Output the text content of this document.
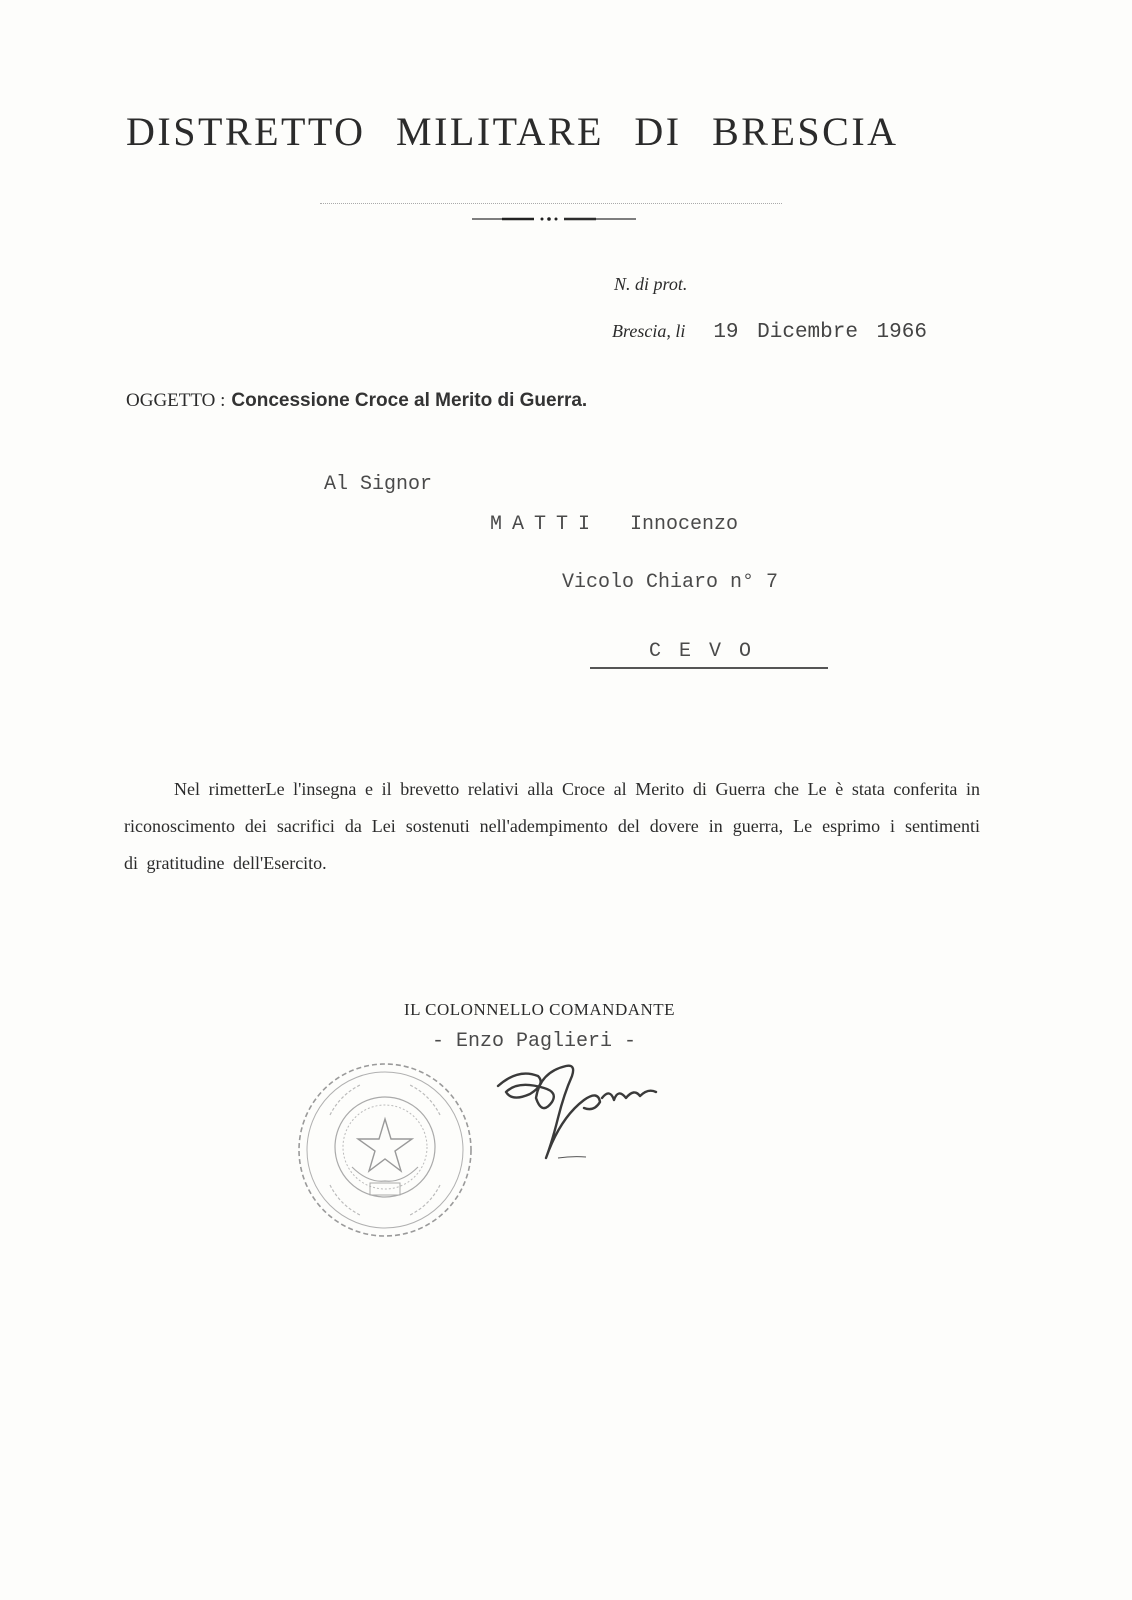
DISTRETTO MILITARE DI BRESCIA
N. di prot.
Brescia, li 19 Dicembre 1966
OGGETTO : Concessione Croce al Merito di Guerra.
Al Signor
MATTI Innocenzo
Vicolo Chiaro n° 7
CEVO

Nel rimetterLe l'insegna e il brevetto relativi alla Croce al Merito di Guerra che Le è stata conferita in riconoscimento dei sacrifici da Lei sostenuti nell'adempimento del dovere in guerra, Le esprimo i sentimenti di gratitudine dell'Esercito.

IL COLONNELLO COMANDANTE
- Enzo Paglieri -
